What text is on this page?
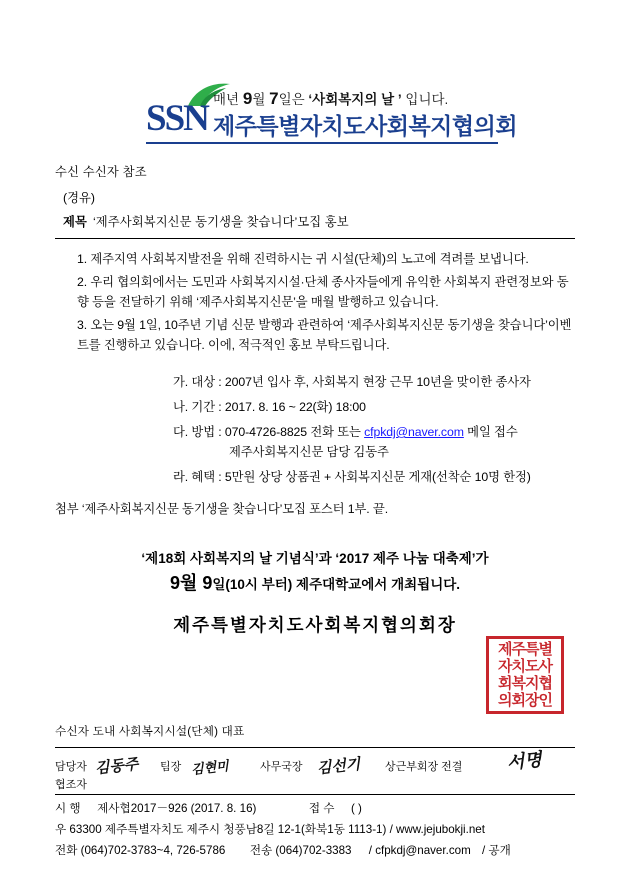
SSN 매년 9월 7일은 ‘사회복지의 날 ’ 입니다.
제주특별자치도사회복지협의회

수신 수신자 참조

(경유)

제목 ‘제주사회복지신문 동기생을 찾습니다’모집 홍보

1. 제주지역 사회복지발전을 위해 진력하시는 귀 시설(단체)의 노고에 격려를 보냅니다.

2. 우리 협의회에서는 도민과 사회복지시설·단체 종사자들에게 유익한 사회복지 관련정보와 동향 등을 전달하기 위해 ‘제주사회복지신문’을 매월 발행하고 있습니다.

3. 오는 9월 1일, 10주년 기념 신문 발행과 관련하여 ‘제주사회복지신문 동기생을 찾습니다’이벤트를 진행하고 있습니다. 이에, 적극적인 홍보 부탁드립니다.

가. 대상 : 2007년 입사 후, 사회복지 현장 근무 10년을 맞이한 종사자

나. 기간 : 2017. 8. 16 ~ 22(화) 18:00

다. 방법 : 070-4726-8825 전화 또는 cfpkdj@naver.com 메일 접수
제주사회복지신문 담당 김동주

라. 혜택 : 5만원 상당 상품권 + 사회복지신문 게재(선착순 10명 한정)

첨부 ‘제주사회복지신문 동기생을 찾습니다’모집 포스터 1부. 끝.

‘제18회 사회복지의 날 기념식’과 ‘2017 제주 나눔 대축제’가
9월 9일(10시 부터) 제주대학교에서 개최됩니다.
제주특별자치도사회복지협의회장
제주특별
자치도사
회복지협
의회장인

수신자 도내 사회복지시설(단체) 대표

담당자 김동주 팀장 김현미	사무국장 김선기 상근부회장 전결 서명
협조자

시 행 제사협2017－926 (2017. 8. 16)	접 수 ( )

우 63300 제주특별자치도 제주시 청풍남8길 12-1(화북1동 1113-1) / www.jejubokji.net

전화 (064)702-3783~4, 726-5786 전송 (064)702-3383 / cfpkdj@naver.com / 공개
